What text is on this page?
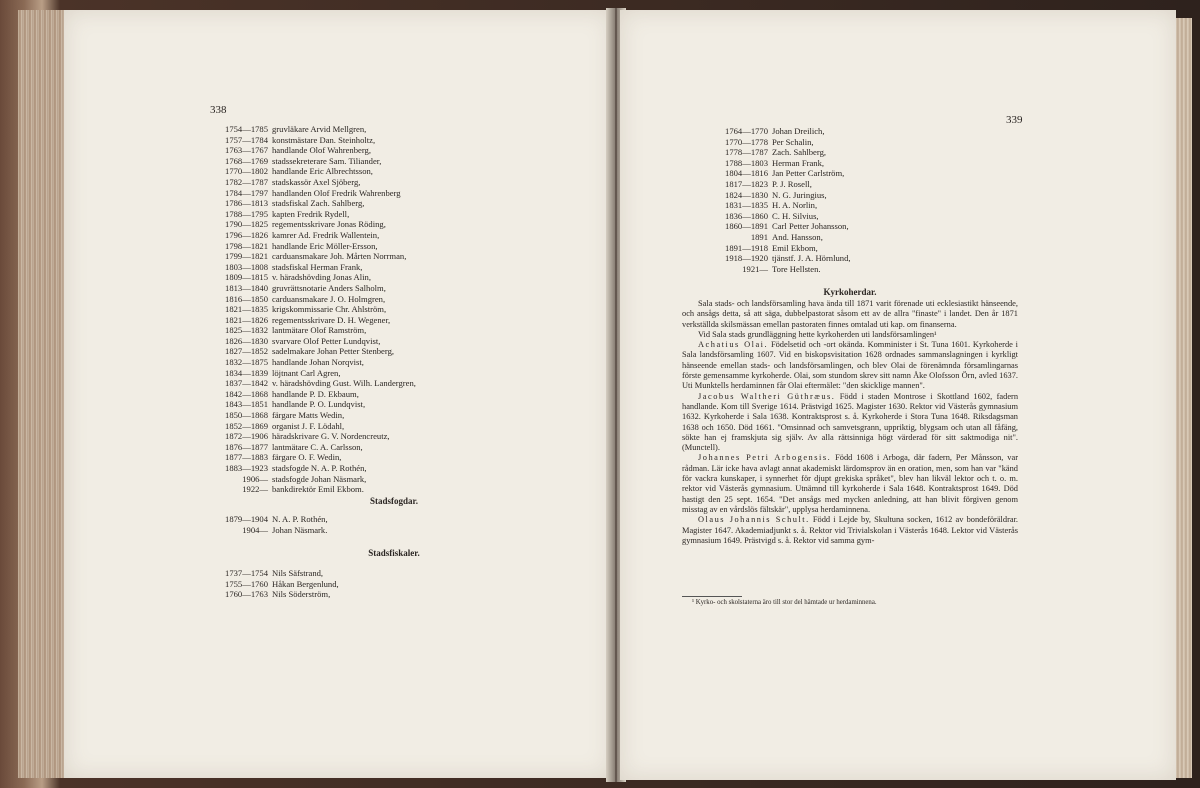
338
1754—1785 gruvläkare Arvid Mellgren,
1757—1784 konstmästare Dan. Steinholtz,
1763—1767 handlande Olof Wahrenberg,
1768—1769 stadssekreterare Sam. Tiliander,
1770—1802 handlande Eric Albrechtsson,
1782—1787 stadskassör Axel Sjöberg,
1784—1797 handlanden Olof Fredrik Wahrenberg
1786—1813 stadsfiskal Zach. Sahlberg,
1788—1795 kapten Fredrik Rydell,
1790—1825 regementsskrivare Jonas Röding,
1796—1826 kamrer Ad. Fredrik Wallentein,
1798—1821 handlande Eric Möller-Ersson,
1799—1821 carduansmakare Joh. Mårten Norrman,
1803—1808 stadsfiskal Herman Frank,
1809—1815 v. häradshövding Jonas Alin,
1813—1840 gruvrättsnotarie Anders Salholm,
1816—1850 carduansmakare J. O. Holmgren,
1821—1835 krigskommissarie Chr. Ahlström,
1821—1826 regementsskrivare D. H. Wegener,
1825—1832 lantmätare Olof Ramström,
1826—1830 svarvare Olof Petter Lundqvist,
1827—1852 sadelmakare Johan Petter Stenberg,
1832—1875 handlande Johan Norqvist,
1834—1839 löjtnant Carl Agren,
1837—1842 v. häradshövding Gust. Wilh. Landergren,
1842—1868 handlande P. D. Ekbaum,
1843—1851 handlande P. O. Lundqvist,
1850—1868 färgare Matts Wedin,
1852—1869 organist J. F. Lödahl,
1872—1906 häradskrivare G. V. Nordencreutz,
1876—1877 lantmätare C. A. Carlsson,
1877—1883 färgare O. F. Wedin,
1883—1923 stadsfogde N. A. P. Rothén,
1906— stadsfogde Johan Näsmark,
1922— bankdirektör Emil Ekbom.
Stadsfogdar.
1879—1904 N. A. P. Rothén,
1904— Johan Näsmark.
Stadsfiskaler.
1737—1754 Nils Säfstrand,
1755—1760 Håkan Bergenlund,
1760—1763 Nils Söderström,
339
1764—1770 Johan Dreilich,
1770—1778 Per Schalin,
1778—1787 Zach. Sahlberg,
1788—1803 Herman Frank,
1804—1816 Jan Petter Carlström,
1817—1823 P. J. Rosell,
1824—1830 N. G. Juringius,
1831—1835 H. A. Norlin,
1836—1860 C. H. Silvius,
1860—1891 Carl Petter Johansson,
1891 And. Hansson,
1891—1918 Emil Ekbom,
1918—1920 tjänstf. J. A. Hörnlund,
1921— Tore Hellsten.
Kyrkoherdar.

Sala stads- och landsförsamling hava ända till 1871 varit förenade uti ecklesiastikt hänseende, och ansågs detta, så att säga, dubbelpastorat såsom ett av de allra "finaste" i landet. Den år 1871 verkställda skilsmässan emellan pastoraten finnes omtalad uti kap. om finanserna.

Vid Sala stads grundläggning hette kyrkoherden uti landsförsamlingen¹

Achatius Olai. Födelsetid och -ort okända. Komminister i St. Tuna 1601. Kyrkoherde i Sala landsförsamling 1607. Vid en biskopsvisitation 1628 ordnades sammanslagningen i kyrkligt hänseende emellan stads- och landsförsamlingen, och blev Olai de förenämnda församlingarnas förste gemensamme kyrkoherde. Olai, som stundom skrev sitt namn Åke Olofsson Örn, avled 1637. Uti Munktells herdaminnen får Olai eftermälet: "den skicklige mannen".

Jacobus Waltheri Güthræus. Född i staden Montrose i Skottland 1602, fadern handlande. Kom till Sverige 1614. Prästvigd 1625. Magister 1630. Rektor vid Västerås gymnasium 1632. Kyrkoherde i Sala 1638. Kontraktsprost s. å. Kyrkoherde i Stora Tuna 1648. Riksdagsman 1638 och 1650. Död 1661. "Omsinnad och samvetsgrann, uppriktig, blygsam och utan all fåfäng, sökte han ej framskjuta sig själv. Av alla rättsinniga högt värderad för sitt saktmodiga nit". (Munctell).

Johannes Petri Arbogensis. Född 1608 i Arboga, där fadern, Per Månsson, var rådman. Lär icke hava avlagt annat akademiskt lärdomsprov än en oration, men, som han var "känd för vackra kunskaper, i synnerhet för djupt grekiska språket", blev han likväl lektor och t. o. m. rektor vid Västerås gymnasium. Utnämnd till kyrkoherde i Sala 1648. Kontraktsprost 1649. Död hastigt den 25 sept. 1654. "Det ansågs med mycken anledning, att han blivit förgiven genom misstag av en vårdslös fältskär", upplysa herdaminnena.

Olaus Johannis Schult. Född i Lejde by, Skultuna socken, 1612 av bondeföräldrar. Magister 1647. Akademiadjunkt s. å. Rektor vid Trivialskolan i Västerås 1648. Lektor vid Västerås gymnasium 1649. Prästvigd s. å. Rektor vid samma gym-

¹ Kyrko- och skolstaterna äro till stor del hämtade ur herdaminnena.
